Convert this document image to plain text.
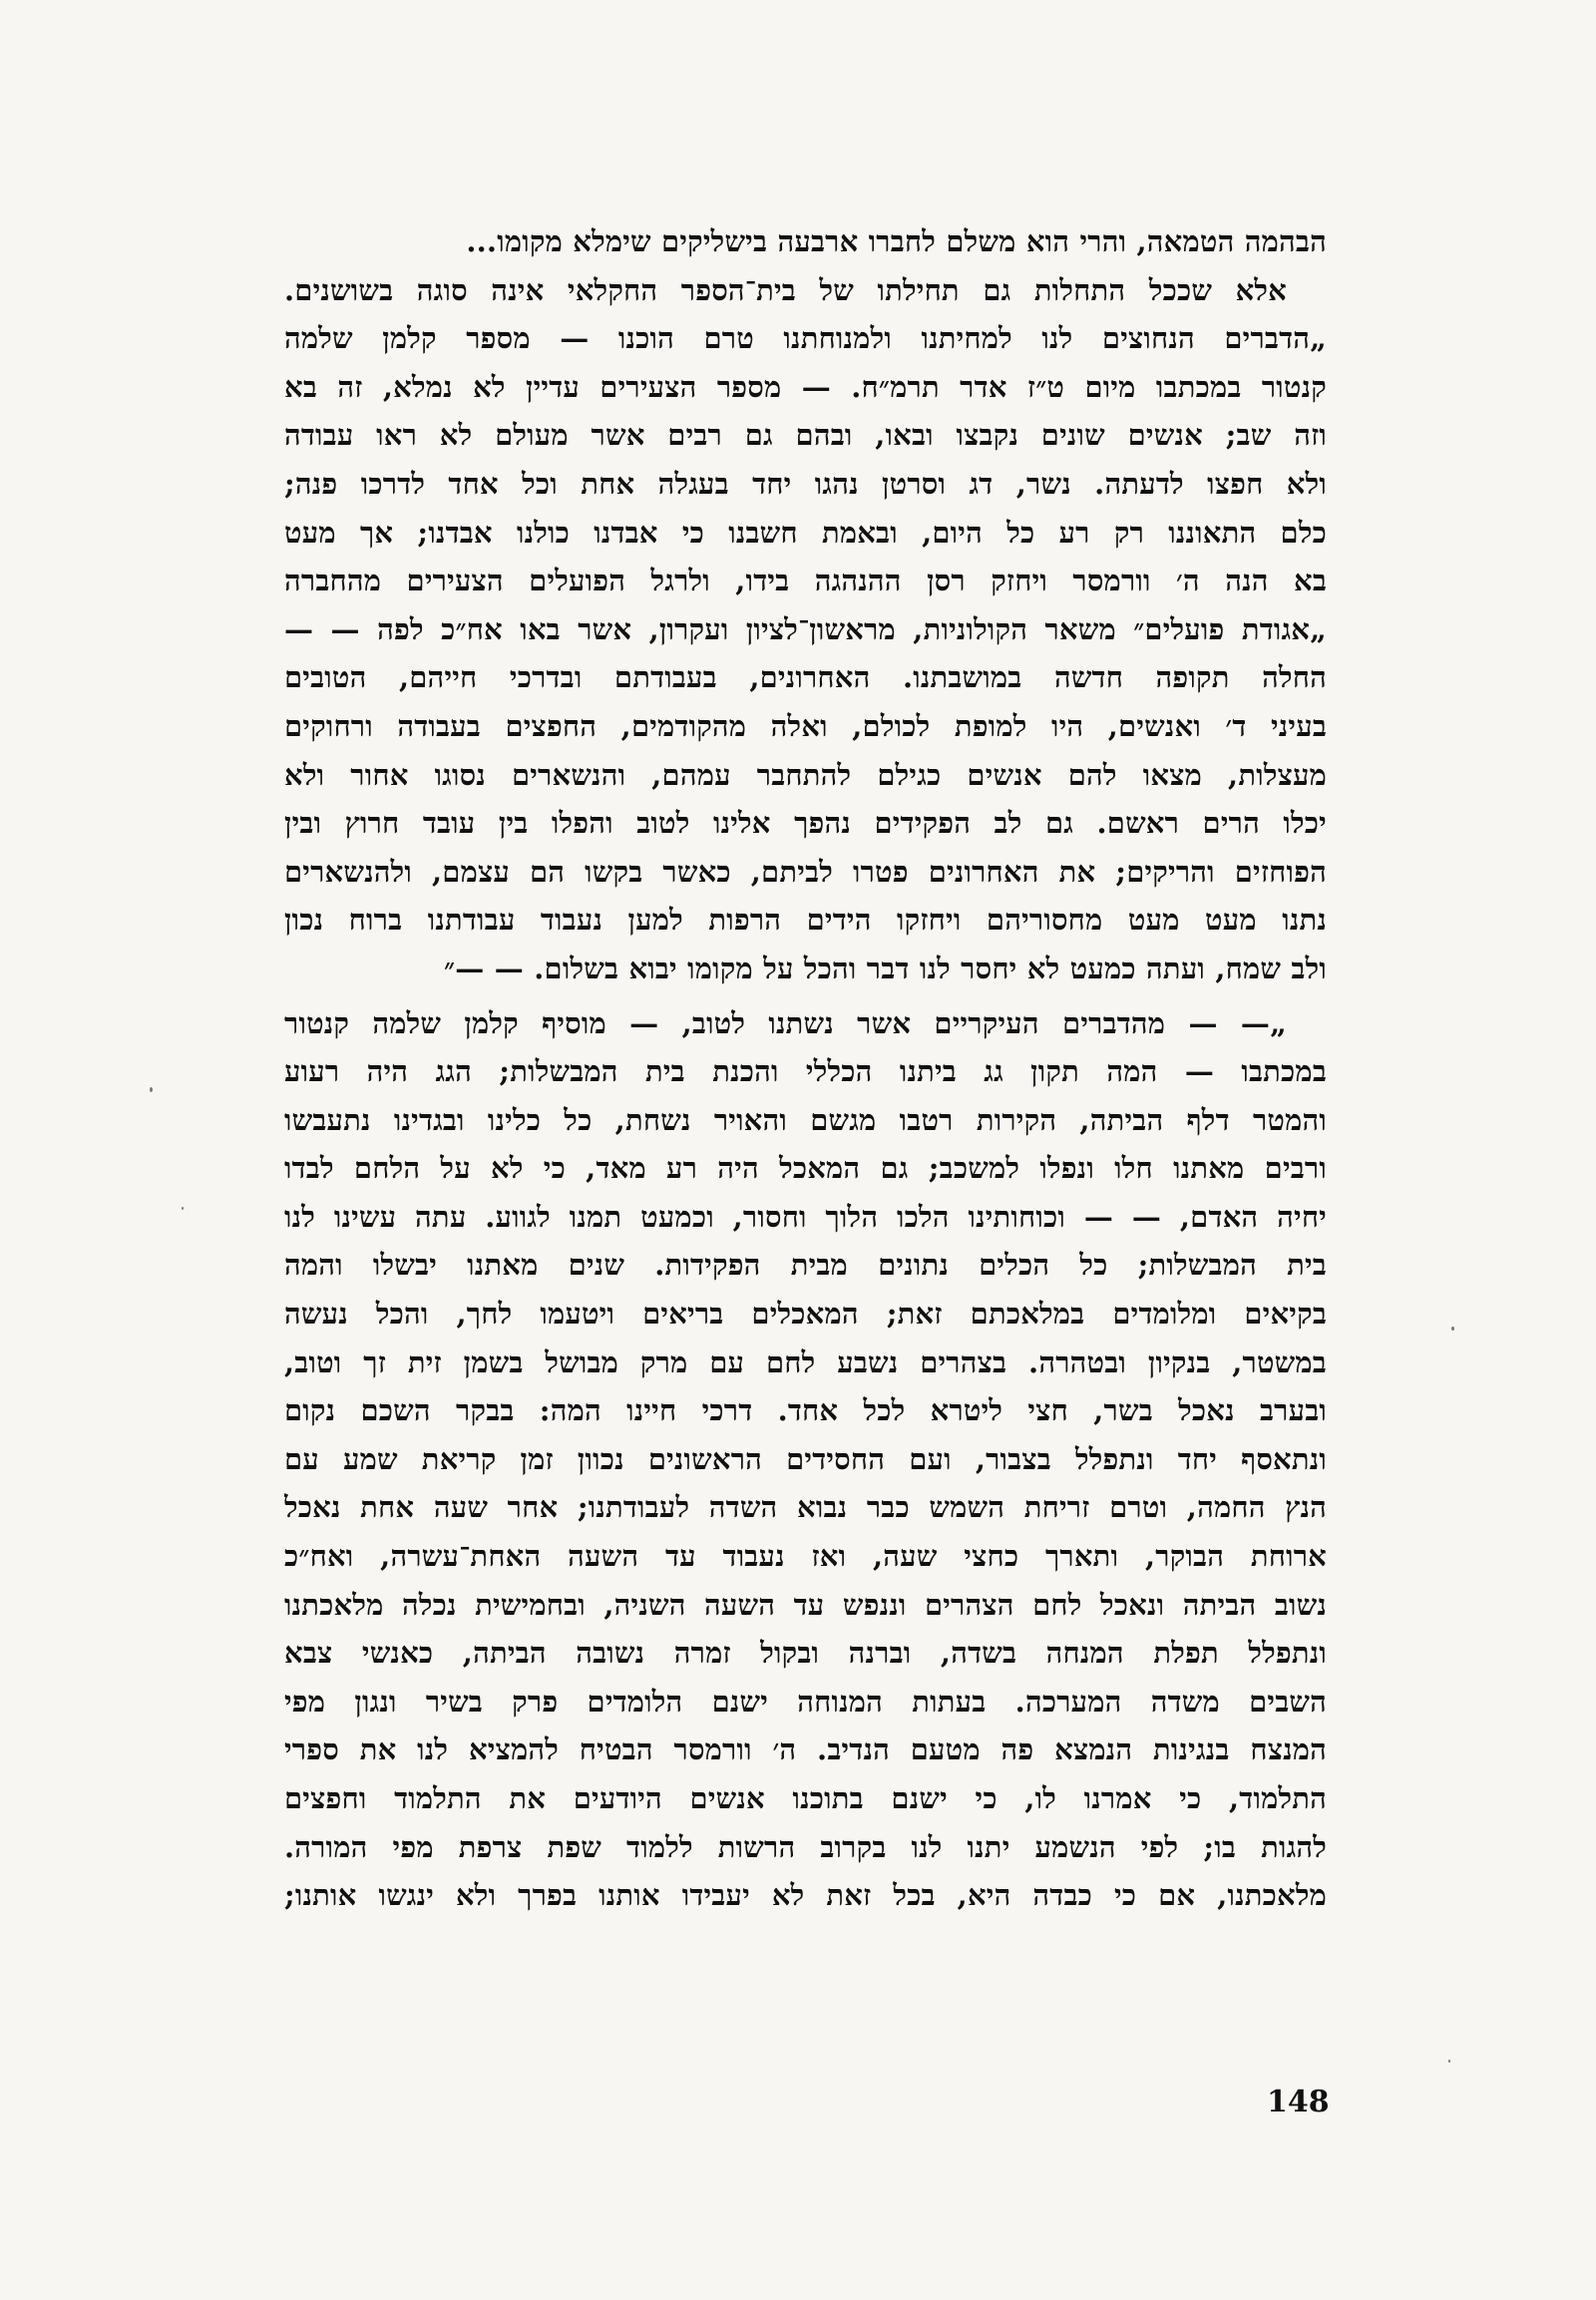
הבהמה הטמאה, והרי הוא משלם לחברו ארבעה בישליקים שימלא מקומו...
אלא שככל התחלות גם תחילתו של בית־הספר החקלאי אינה סוגה בשושנים.
„הדברים הנחוצים לנו למחיתנו ולמנוחתנו טרם הוכנו — מספר קלמן שלמה
קנטור במכתבו מיום ט״ז אדר תרמ״ח. — מספר הצעירים עדיין לא נמלא, זה בא
וזה שב; אנשים שונים נקבצו ובאו, ובהם גם רבים אשר מעולם לא ראו עבודה
ולא חפצו לדעתה. נשר, דג וסרטן נהגו יחד בעגלה אחת וכל אחד לדרכו פנה;
כלם התאוננו רק רע כל היום, ובאמת חשבנו כי אבדנו כולנו אבדנו; אך מעט
בא הנה ה׳ וורמסר ויחזק רסן ההנהגה בידו, ולרגל הפועלים הצעירים מהחברה
„אגודת פועלים״ משאר הקולוניות, מראשון־לציון ועקרון, אשר באו אח״כ לפה — —
החלה תקופה חדשה במושבתנו. האחרונים, בעבודתם ובדרכי חייהם, הטובים
בעיני ד׳ ואנשים, היו למופת לכולם, ואלה מהקודמים, החפצים בעבודה ורחוקים
מעצלות, מצאו להם אנשים כגילם להתחבר עמהם, והנשארים נסוגו אחור ולא
יכלו הרים ראשם. גם לב הפקידים נהפך אלינו לטוב והפלו בין עובד חרוץ ובין
הפוחזים והריקים; את האחרונים פטרו לביתם, כאשר בקשו הם עצמם, ולהנשארים
נתנו מעט מעט מחסוריהם ויחזקו הידים הרפות למען נעבוד עבודתנו ברוח נכון
ולב שמח, ועתה כמעט לא יחסר לנו דבר והכל על מקומו יבוא בשלום. — —״
„— — מהדברים העיקריים אשר נשתנו לטוב, — מוסיף קלמן שלמה קנטור
במכתבו — המה תקון גג ביתנו הכללי והכנת בית המבשלות; הגג היה רעוע
והמטר דלף הביתה, הקירות רטבו מגשם והאויר נשחת, כל כלינו ובגדינו נתעבשו
ורבים מאתנו חלו ונפלו למשכב; גם המאכל היה רע מאד, כי לא על הלחם לבדו
יחיה האדם, — — וכוחותינו הלכו הלוך וחסור, וכמעט תמנו לגווע. עתה עשינו לנו
בית המבשלות; כל הכלים נתונים מבית הפקידות. שנים מאתנו יבשלו והמה
בקיאים ומלומדים במלאכתם זאת; המאכלים בריאים ויטעמו לחך, והכל נעשה
במשטר, בנקיון ובטהרה. בצהרים נשבע לחם עם מרק מבושל בשמן זית זך וטוב,
ובערב נאכל בשר, חצי ליטרא לכל אחד. דרכי חיינו המה: בבקר השכם נקום
ונתאסף יחד ונתפלל בצבור, ועם החסידים הראשונים נכוון זמן קריאת שמע עם
הנץ החמה, וטרם זריחת השמש כבר נבוא השדה לעבודתנו; אחר שעה אחת נאכל
ארוחת הבוקר, ותארך כחצי שעה, ואז נעבוד עד השעה האחת־עשרה, ואח״כ
נשוב הביתה ונאכל לחם הצהרים וננפש עד השעה השניה, ובחמישית נכלה מלאכתנו
ונתפלל תפלת המנחה בשדה, וברנה ובקול זמרה נשובה הביתה, כאנשי צבא
השבים משדה המערכה. בעתות המנוחה ישנם הלומדים פרק בשיר ונגון מפי
המנצח בנגינות הנמצא פה מטעם הנדיב. ה׳ וורמסר הבטיח להמציא לנו את ספרי
התלמוד, כי אמרנו לו, כי ישנם בתוכנו אנשים היודעים את התלמוד וחפצים
להגות בו; לפי הנשמע יתנו לנו בקרוב הרשות ללמוד שפת צרפת מפי המורה.
מלאכתנו, אם כי כבדה היא, בכל זאת לא יעבידו אותנו בפרך ולא ינגשו אותנו;
148
